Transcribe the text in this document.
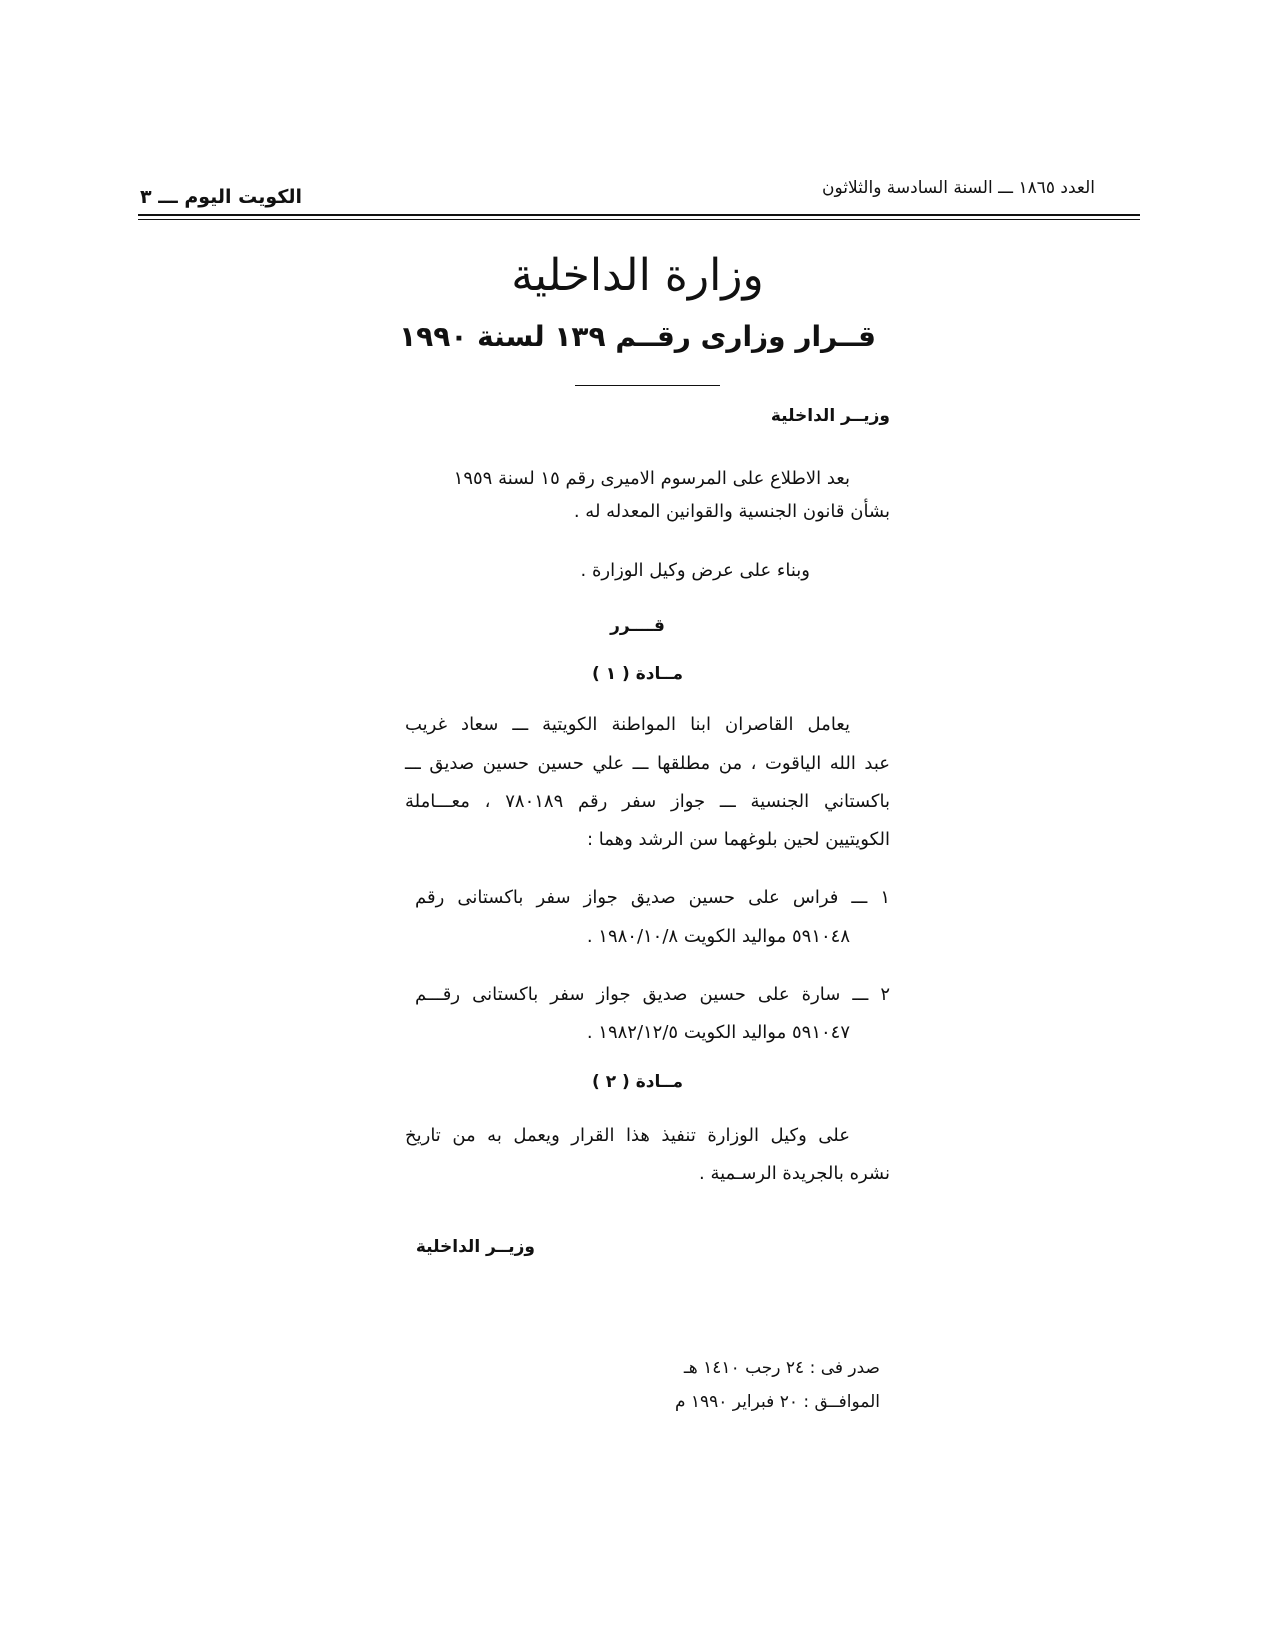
العدد ١٨٦٥ ـــ السنة السادسة والثلاثون
الكويت اليوم ـــ ٣
وزارة الداخلية
قــرار وزارى رقــم ١٣٩ لسنة ١٩٩٠
وزيــر الداخلية
بعد الاطلاع على المرسوم الاميرى رقم ١٥ لسنة ١٩٥٩
بشأن قانون الجنسية والقوانين المعدله له .
وبناء على عرض وكيل الوزارة .
قــــرر
مــادة ( ١ )
يعامل القاصران ابنا المواطنة الكويتية ـــ سعاد غريب
عبد الله الياقوت ، من مطلقها ـــ علي حسين حسين صديق ـــ
باكستاني الجنسية ـــ جواز سفر رقم ٧٨٠١٨٩ ، معـــاملة
الكويتيين لحين بلوغهما سن الرشد وهما :
١ ـــ فراس على حسين صديق جواز سفر باكستانى رقم
٥٩١٠٤٨ مواليد الكويت ١٩٨٠/١٠/٨ .
٢ ـــ سارة على حسين صديق جواز سفر باكستانى رقـــم
٥٩١٠٤٧ مواليد الكويت ١٩٨٢/١٢/٥ .
مــادة ( ٢ )
على وكيل الوزارة تنفيذ هذا القرار ويعمل به من تاريخ
نشره بالجريدة الرسـمية .
وزيــر الداخلية
صدر فى : ٢٤ رجب ١٤١٠ هـ
الموافــق : ٢٠ فبراير ١٩٩٠ م
